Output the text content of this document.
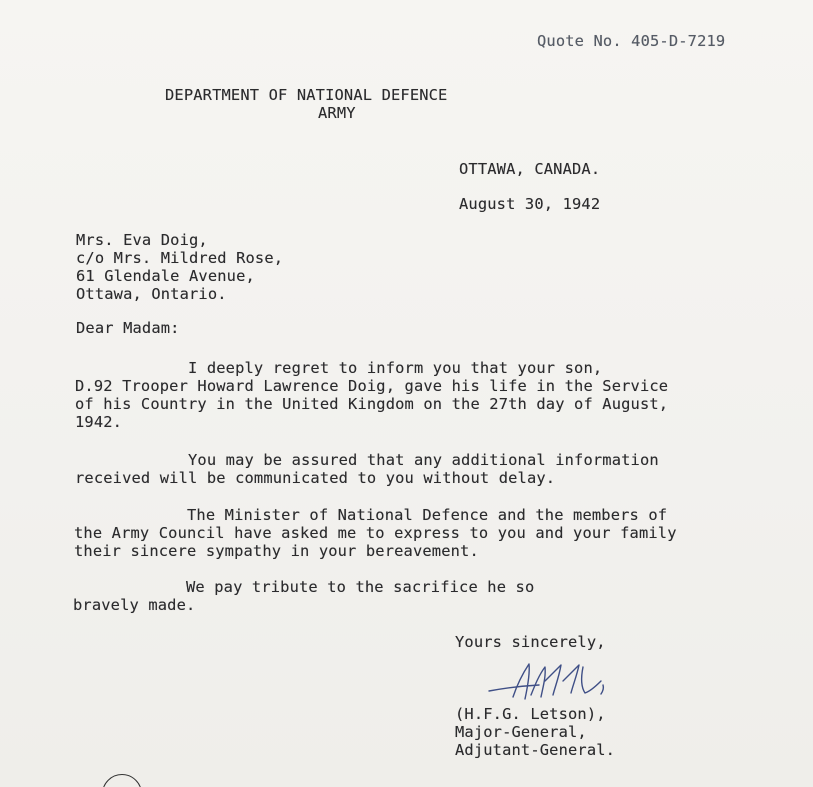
Quote No. 405-D-7219
DEPARTMENT OF NATIONAL DEFENCE
ARMY
OTTAWA, CANADA.
August 30, 1942
Mrs. Eva Doig,
c/o Mrs. Mildred Rose,
61 Glendale Avenue,
Ottawa, Ontario.
Dear Madam:
I deeply regret to inform you that your son,
D.92 Trooper Howard Lawrence Doig, gave his life in the Service
of his Country in the United Kingdom on the 27th day of August,
1942.
You may be assured that any additional information
received will be communicated to you without delay.
The Minister of National Defence and the members of
the Army Council have asked me to express to you and your family
their sincere sympathy in your bereavement.
We pay tribute to the sacrifice he so
bravely made.
Yours sincerely,
(H.F.G. Letson),
Major-General,
Adjutant-General.
